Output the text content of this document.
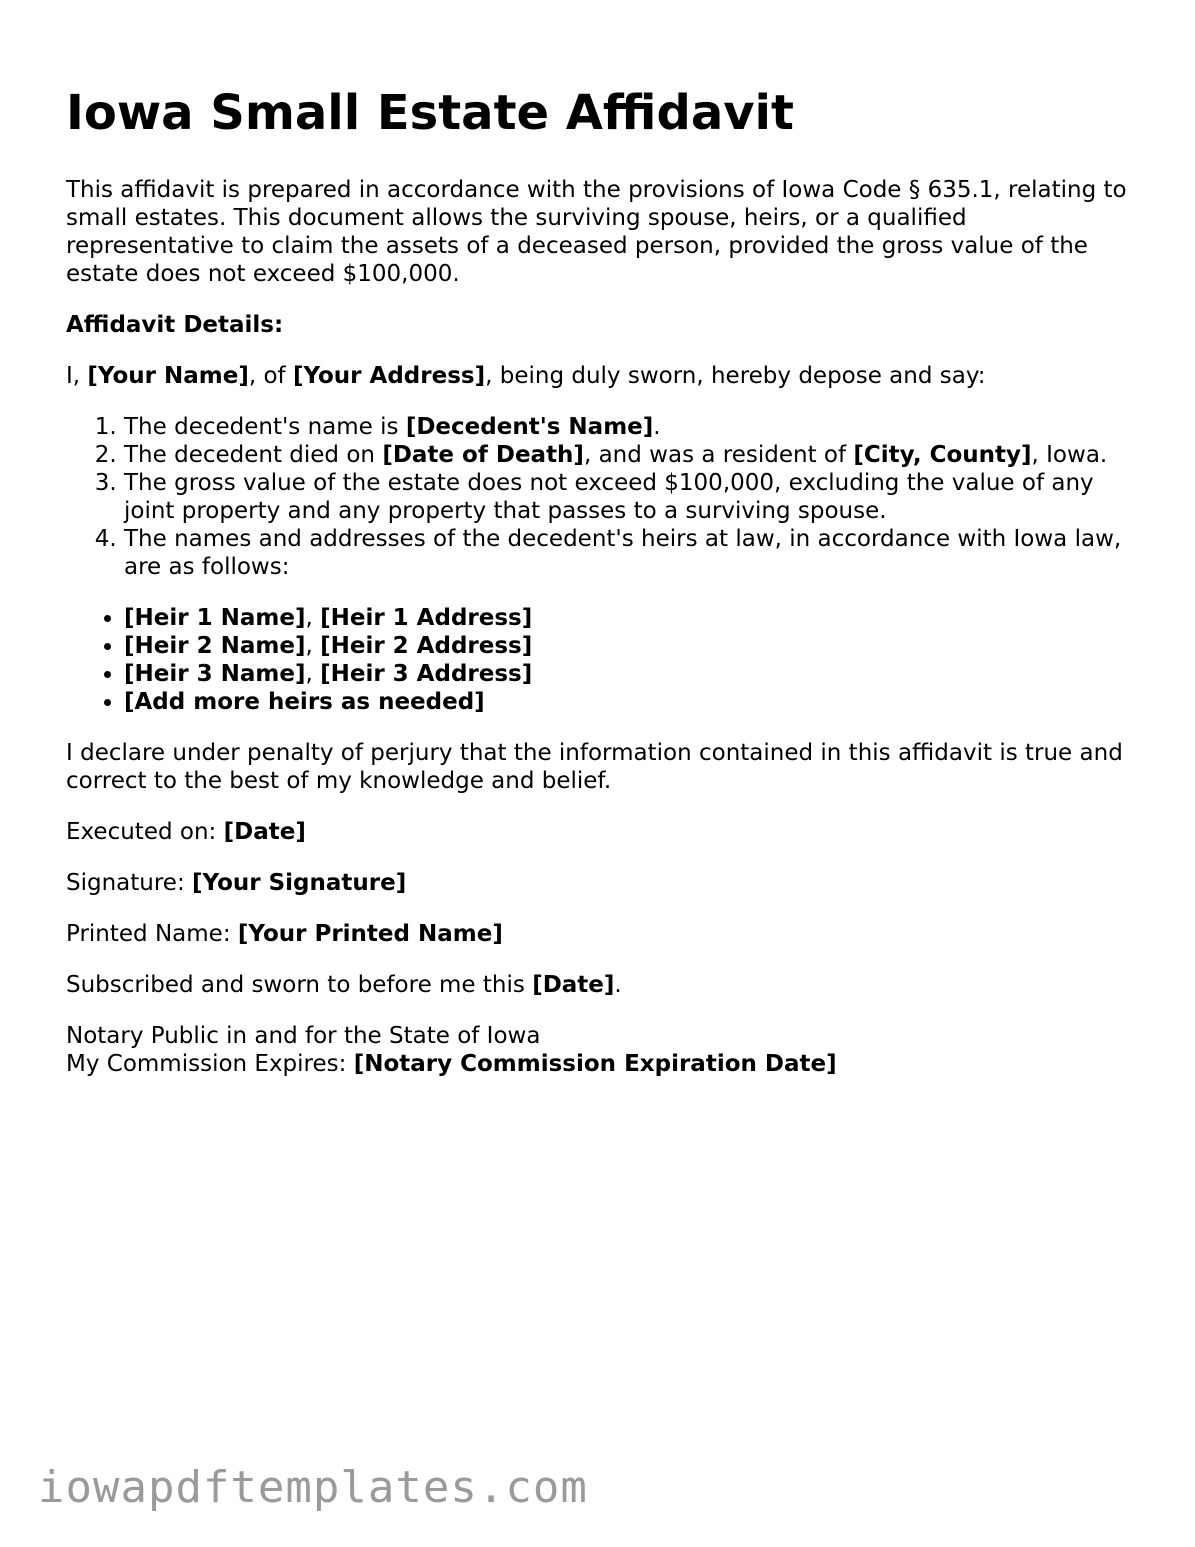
Iowa Small Estate Affidavit

This affidavit is prepared in accordance with the provisions of Iowa Code § 635.1, relating to small estates. This document allows the surviving spouse, heirs, or a qualified representative to claim the assets of a deceased person, provided the gross value of the estate does not exceed $100,000.

Affidavit Details:

I, [Your Name], of [Your Address], being duly sworn, hereby depose and say:

1. The decedent's name is [Decedent's Name].
2. The decedent died on [Date of Death], and was a resident of [City, County], Iowa.
3. The gross value of the estate does not exceed $100,000, excluding the value of any joint property and any property that passes to a surviving spouse.
4. The names and addresses of the decedent's heirs at law, in accordance with Iowa law, are as follows:
• [Heir 1 Name], [Heir 1 Address]
• [Heir 2 Name], [Heir 2 Address]
• [Heir 3 Name], [Heir 3 Address]
• [Add more heirs as needed]

I declare under penalty of perjury that the information contained in this affidavit is true and correct to the best of my knowledge and belief.

Executed on: [Date]

Signature: [Your Signature]

Printed Name: [Your Printed Name]

Subscribed and sworn to before me this [Date].

Notary Public in and for the State of Iowa
My Commission Expires: [Notary Commission Expiration Date]

iowapdftemplates.com
